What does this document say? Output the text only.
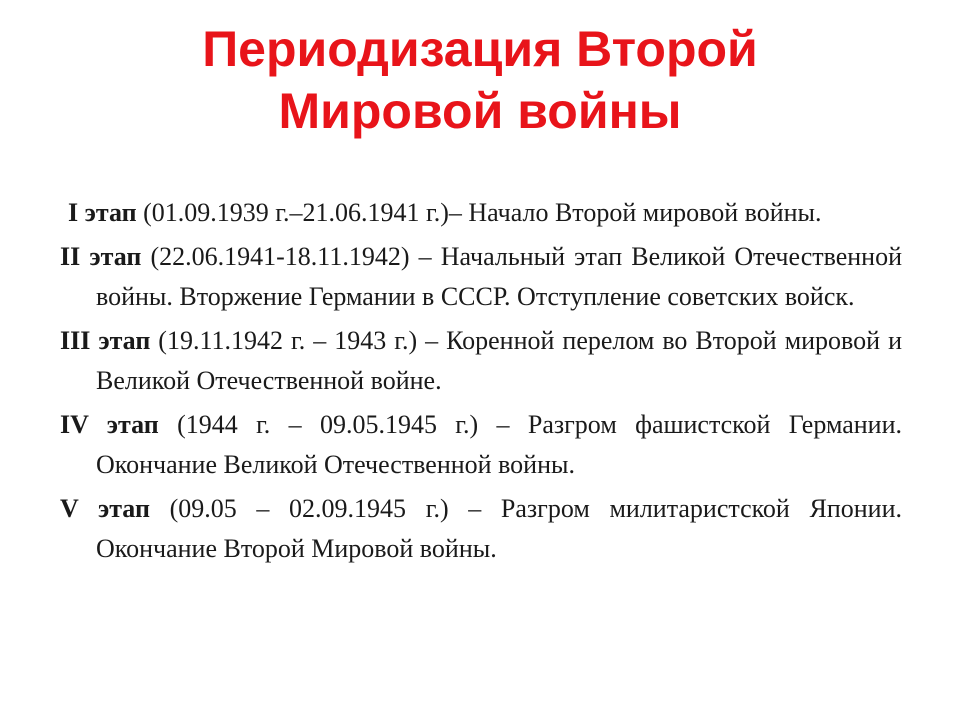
Периодизация Второй
Мировой войны

I этап (01.09.1939 г.–21.06.1941 г.)– Начало Второй мировой войны.

II этап (22.06.1941-18.11.1942) – Начальный этап Великой Отечественной войны. Вторжение Германии в СССР. Отступление советских войск.

III этап (19.11.1942 г. – 1943 г.) – Коренной перелом во Второй мировой и Великой Отечественной войне.

IV этап (1944 г. – 09.05.1945 г.) – Разгром фашистской Германии. Окончание Великой Отечественной войны.

V этап (09.05 – 02.09.1945 г.) – Разгром милитаристской Японии. Окончание Второй Мировой войны.
